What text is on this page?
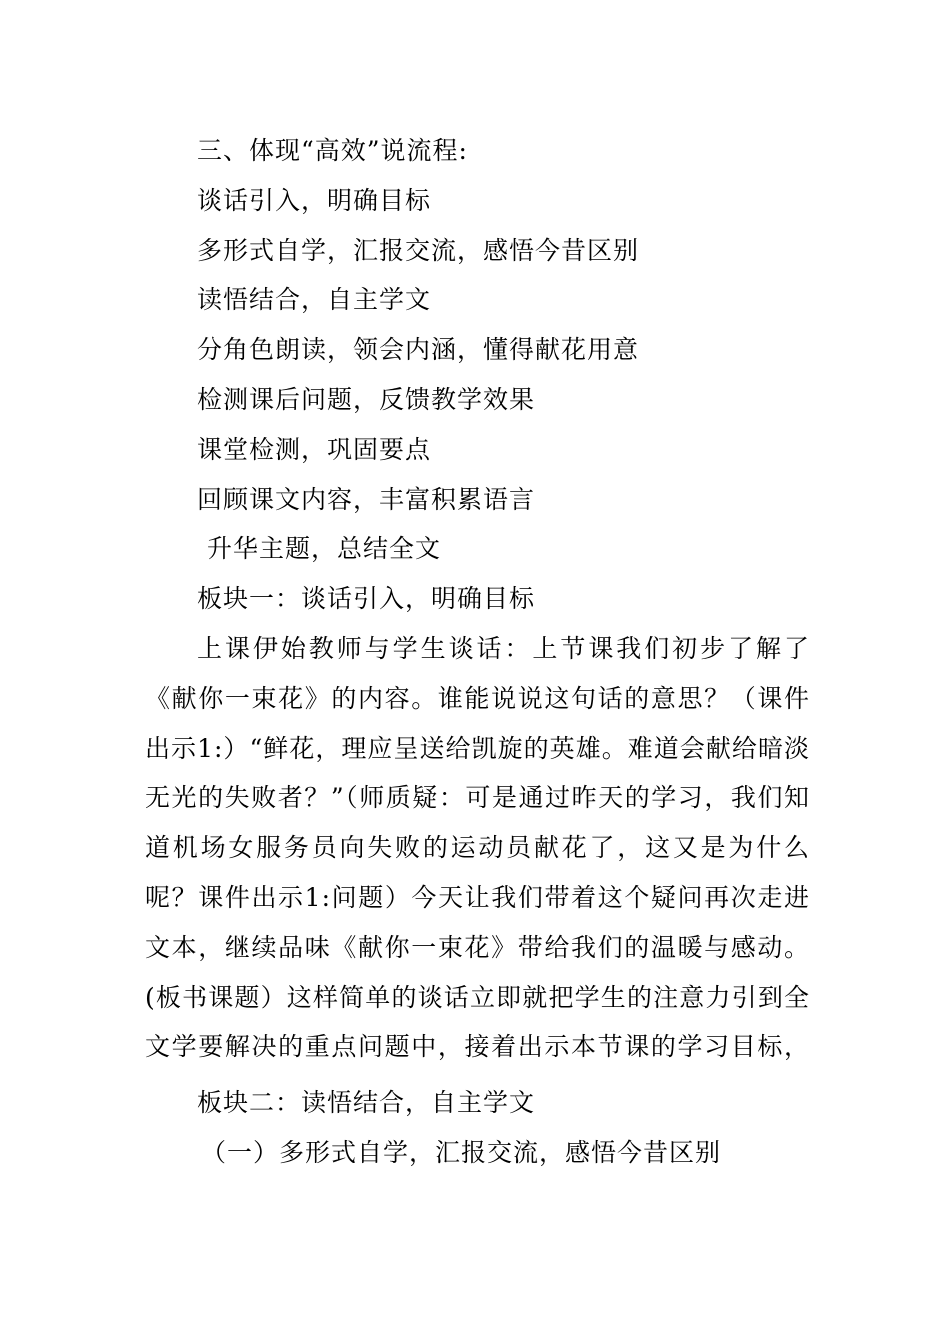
三、体现“高效”说流程:
谈话引入，明确目标
多形式自学，汇报交流，感悟今昔区别
读悟结合，自主学文
分角色朗读，领会内涵，懂得献花用意
检测课后问题，反馈教学效果
课堂检测，巩固要点
回顾课文内容，丰富积累语言
升华主题，总结全文
板块一：谈话引入，明确目标

上课伊始教师与学生谈话：上节课我们初步了解了《献你一束花》的内容。谁能说说这句话的意思？（课件出示1:）“鲜花，理应呈送给凯旋的英雄。难道会献给暗淡无光的失败者？”（师质疑：可是通过昨天的学习，我们知道机场女服务员向失败的运动员献花了，这又是为什么呢？课件出示1:问题）今天让我们带着这个疑问再次走进文本，继续品味《献你一束花》带给我们的温暖与感动。(板书课题）这样简单的谈话立即就把学生的注意力引到全文学要解决的重点问题中，接着出示本节课的学习目标，

板块二：读悟结合，自主学文
（一）多形式自学，汇报交流，感悟今昔区别
